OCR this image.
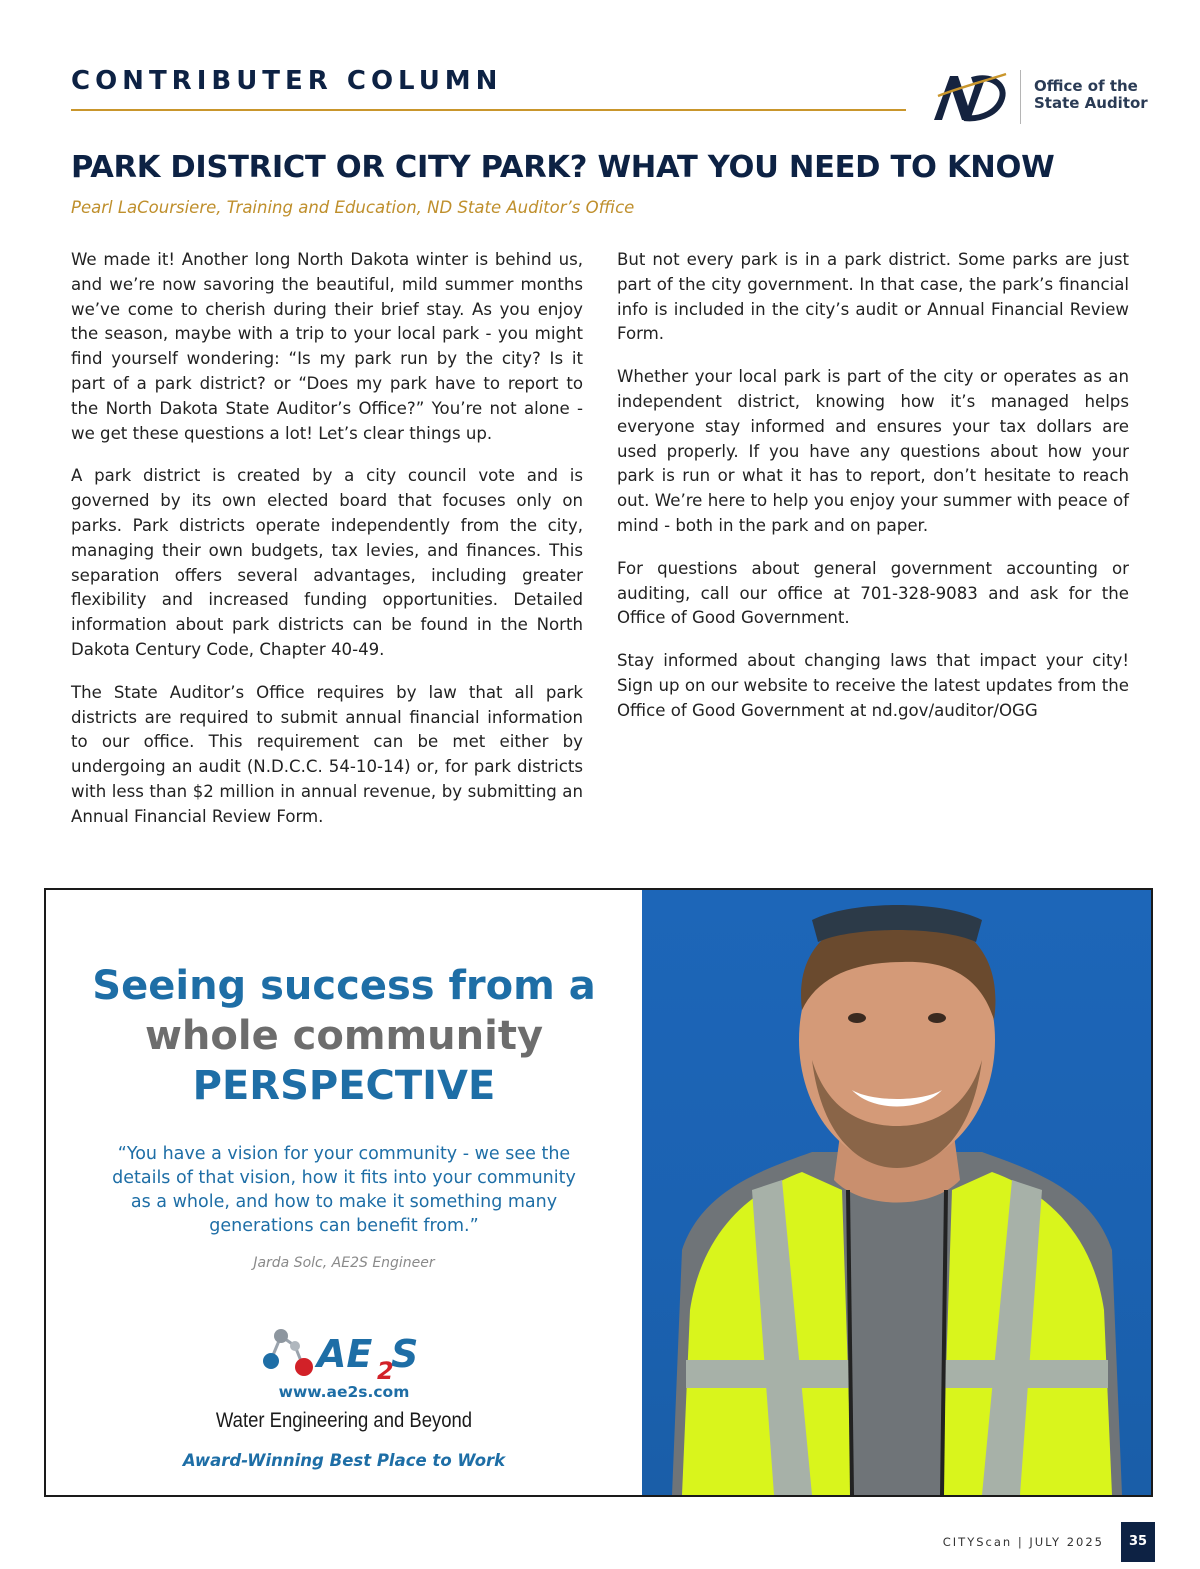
CONTRIBUTER COLUMN	Office of the
State Auditor
PARK DISTRICT OR CITY PARK? WHAT YOU NEED TO KNOW
Pearl LaCoursiere, Training and Education, ND State Auditor’s Office

We made it! Another long North Dakota winter is behind us, and we’re now savoring the beautiful, mild summer months we’ve come to cherish during their brief stay. As you enjoy the season, maybe with a trip to your local park - you might find yourself wondering: “Is my park run by the city? Is it part of a park district? or “Does my park have to report to the North Dakota State Auditor’s Office?” You’re not alone - we get these questions a lot! Let’s clear things up.

A park district is created by a city council vote and is governed by its own elected board that focuses only on parks. Park districts operate independently from the city, managing their own budgets, tax levies, and finances. This separation offers several advantages, including greater flexibility and increased funding opportunities. Detailed information about park districts can be found in the North Dakota Century Code, Chapter 40-49.

The State Auditor’s Office requires by law that all park districts are required to submit annual financial information to our office. This requirement can be met either by undergoing an audit (N.D.C.C. 54-10-14) or, for park districts with less than $2 million in annual revenue, by submitting an Annual Financial Review Form.

But not every park is in a park district. Some parks are just part of the city government. In that case, the park’s financial info is included in the city’s audit or Annual Financial Review Form.

Whether your local park is part of the city or operates as an independent district, knowing how it’s managed helps everyone stay informed and ensures your tax dollars are used properly. If you have any questions about how your park is run or what it has to report, don’t hesitate to reach out. We’re here to help you enjoy your summer with peace of mind - both in the park and on paper.

For questions about general government accounting or auditing, call our office at 701-328-9083 and ask for the Office of Good Government.

Stay informed about changing laws that impact your city! Sign up on our website to receive the latest updates from the Office of Good Government at nd.gov/auditor/OGG

Seeing success from a
whole community
PERSPECTIVE
“You have a vision for your community - we see the details of that vision, how it fits into your community as a whole, and how to make it something many generations can benefit from.”
Jarda Solc, AE2S Engineer
AE 2
S
www.ae2s.com
Water Engineering and Beyond
Award-Winning Best Place to Work
CITYScan | JULY 2025	35
